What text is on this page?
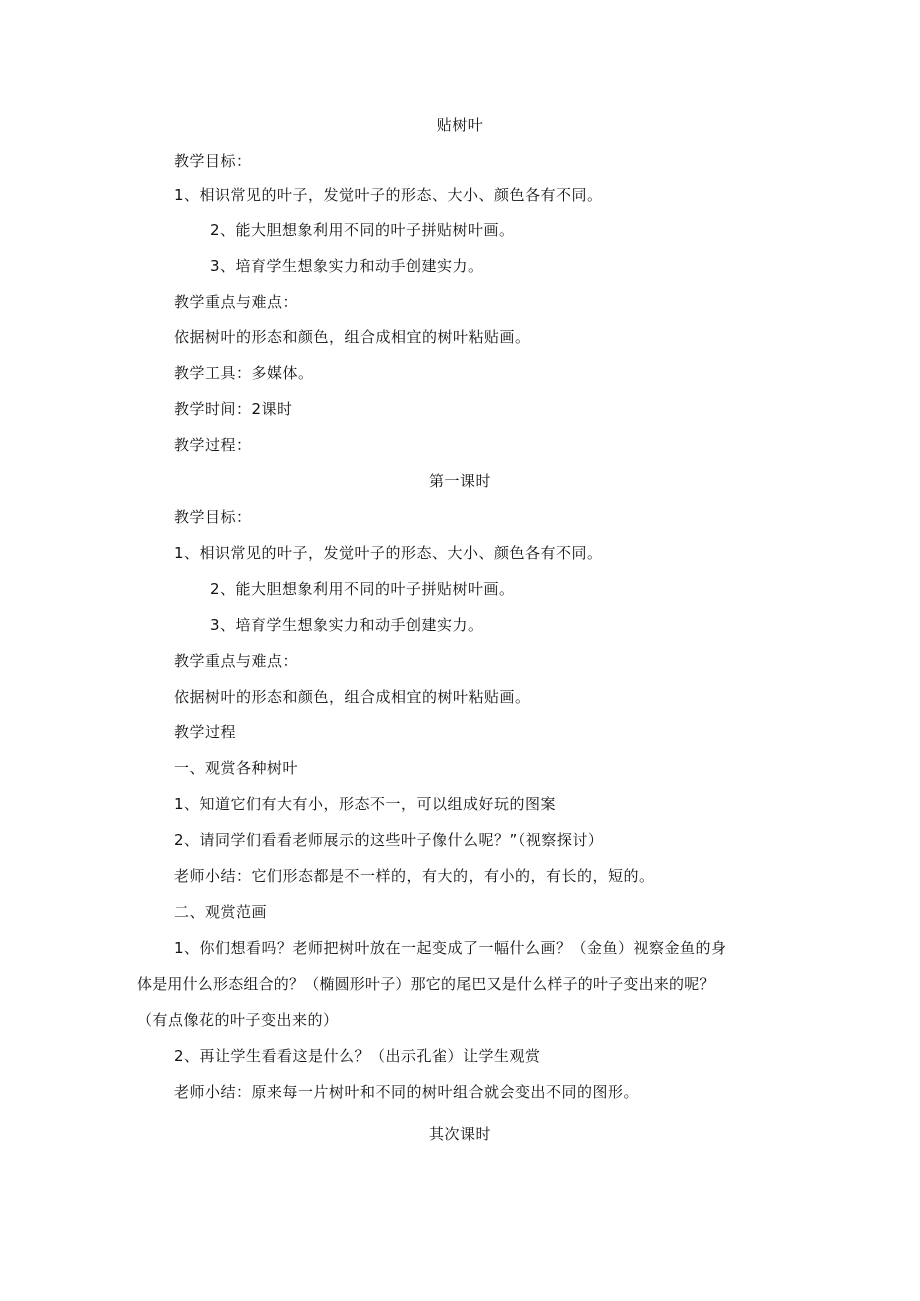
贴树叶
教学目标：
1、相识常见的叶子，发觉叶子的形态、大小、颜色各有不同。
2、能大胆想象利用不同的叶子拼贴树叶画。
3、培育学生想象实力和动手创建实力。
教学重点与难点：
依据树叶的形态和颜色，组合成相宜的树叶粘贴画。
教学工具：多媒体。
教学时间：2课时
教学过程：
第一课时
教学目标：
1、相识常见的叶子，发觉叶子的形态、大小、颜色各有不同。
2、能大胆想象利用不同的叶子拼贴树叶画。
3、培育学生想象实力和动手创建实力。
教学重点与难点：
依据树叶的形态和颜色，组合成相宜的树叶粘贴画。
教学过程
一、观赏各种树叶
1、知道它们有大有小，形态不一，可以组成好玩的图案
2、请同学们看看老师展示的这些叶子像什么呢？”（视察探讨）
老师小结：它们形态都是不一样的，有大的，有小的，有长的，短的。
二、观赏范画
1、你们想看吗？老师把树叶放在一起变成了一幅什么画？（金鱼）视察金鱼的身
体是用什么形态组合的？（椭圆形叶子）那它的尾巴又是什么样子的叶子变出来的呢？
（有点像花的叶子变出来的）
2、再让学生看看这是什么？（出示孔雀）让学生观赏
老师小结：原来每一片树叶和不同的树叶组合就会变出不同的图形。
其次课时
